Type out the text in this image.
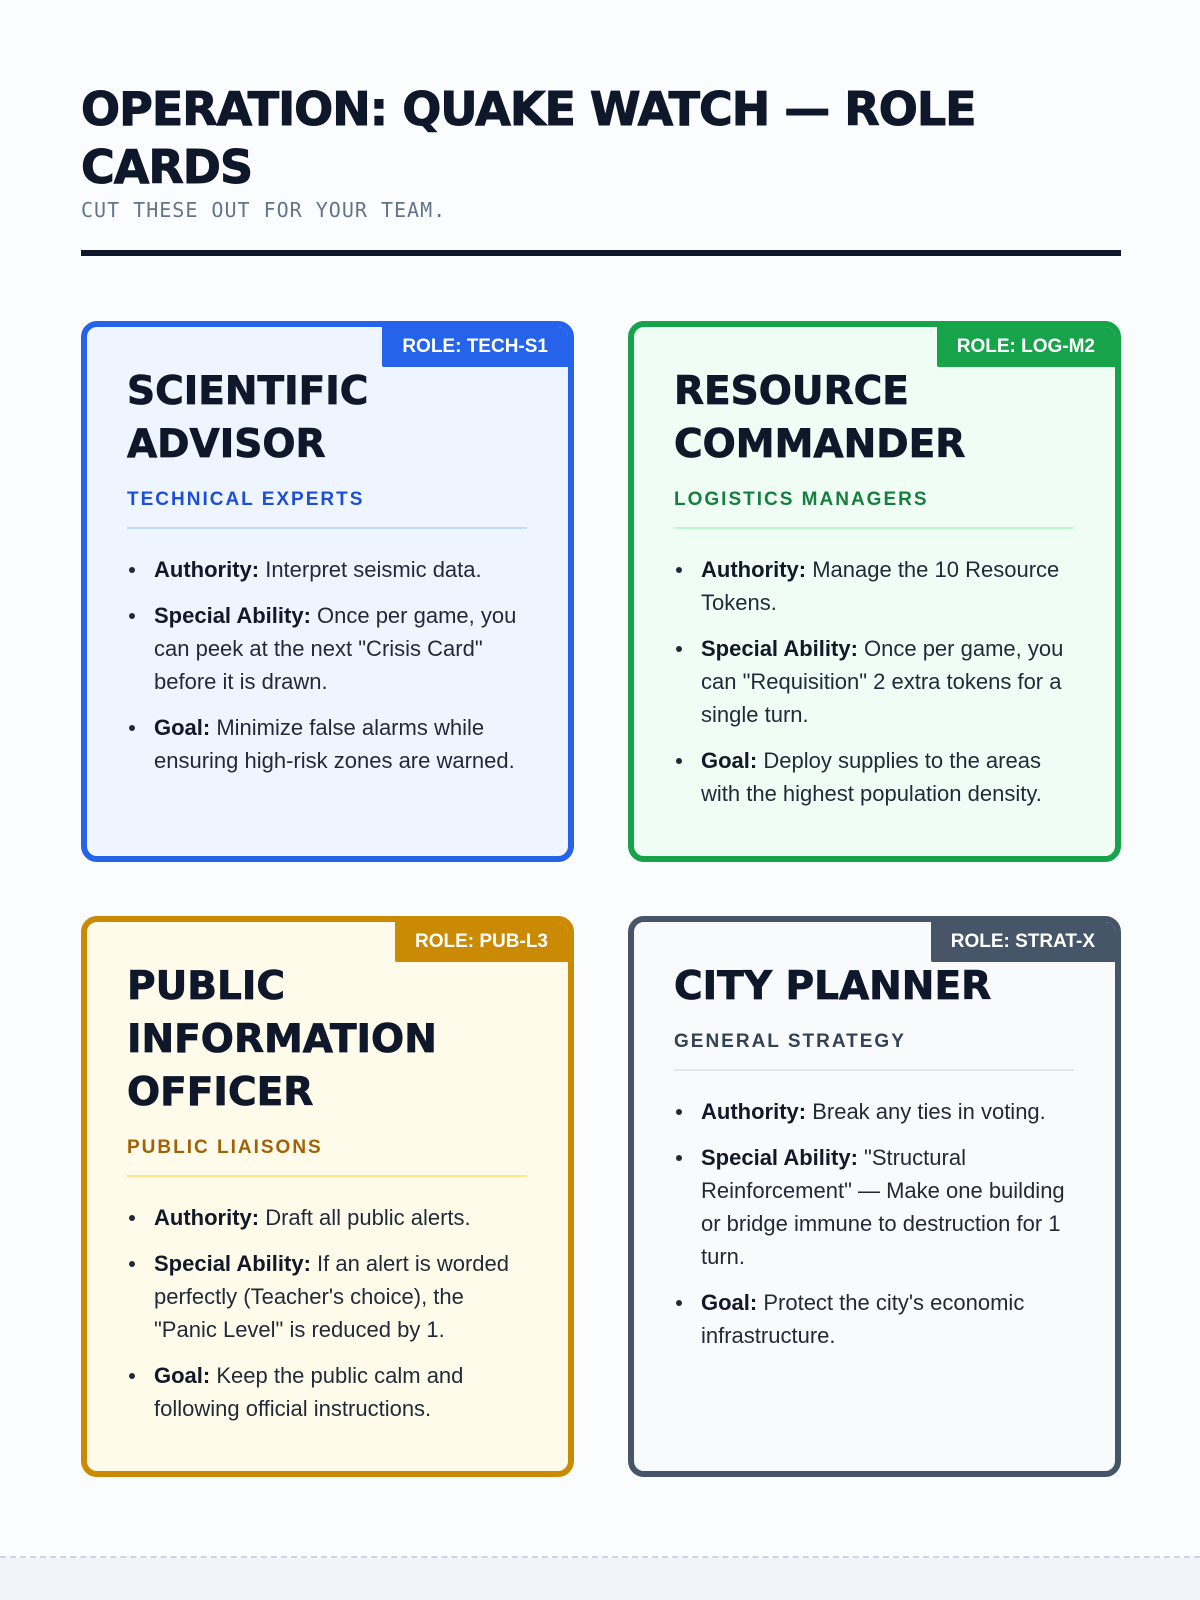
OPERATION: QUAKE WATCH — ROLE CARDS
CUT THESE OUT FOR YOUR TEAM.
ROLE: TECH-S1
SCIENTIFIC ADVISOR
TECHNICAL EXPERTS
Authority: Interpret seismic data.
Special Ability: Once per game, you can peek at the next "Crisis Card" before it is drawn.
Goal: Minimize false alarms while ensuring high-risk zones are warned.
ROLE: LOG-M2
RESOURCE COMMANDER
LOGISTICS MANAGERS
Authority: Manage the 10 Resource Tokens.
Special Ability: Once per game, you can "Requisition" 2 extra tokens for a single turn.
Goal: Deploy supplies to the areas with the highest population density.
ROLE: PUB-L3
PUBLIC INFORMATION OFFICER
PUBLIC LIAISONS
Authority: Draft all public alerts.
Special Ability: If an alert is worded perfectly (Teacher's choice), the "Panic Level" is reduced by 1.
Goal: Keep the public calm and following official instructions.
ROLE: STRAT-X
CITY PLANNER
GENERAL STRATEGY
Authority: Break any ties in voting.
Special Ability: "Structural Reinforcement" — Make one building or bridge immune to destruction for 1 turn.
Goal: Protect the city's economic infrastructure.
